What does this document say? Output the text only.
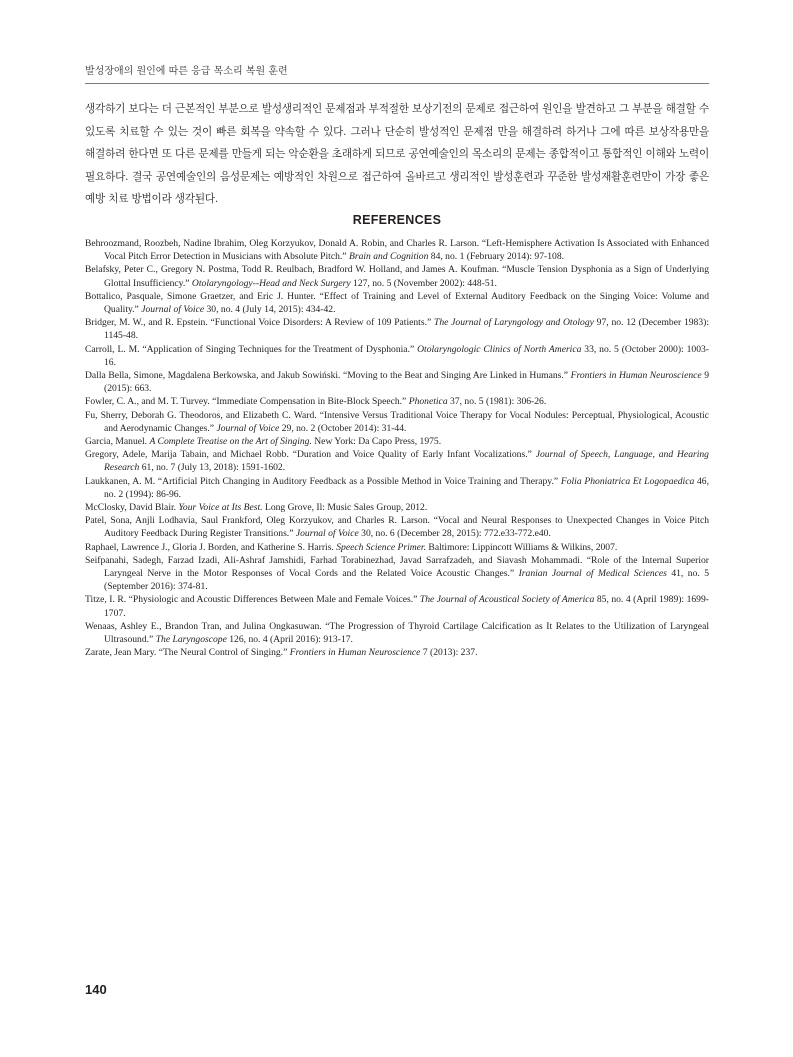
발성장애의 원인에 따른 응급 목소리 복원 훈련

생각하기 보다는 더 근본적인 부분으로 발성생리적인 문제점과 부적절한 보상기전의 문제로 접근하여 원인을 발견하고 그 부분을 해결할 수 있도록 치료할 수 있는 것이 빠른 회복을 약속할 수 있다. 그러나 단순히 발성적인 문제점 만을 해결하려 하거나 그에 따른 보상작용만을 해결하려 한다면 또 다른 문제를 만들게 되는 악순환을 초래하게 되므로 공연예술인의 목소리의 문제는 종합적이고 통합적인 이해와 노력이 필요하다. 결국 공연예술인의 음성문제는 예방적인 차원으로 접근하여 올바르고 생리적인 발성훈련과 꾸준한 발성재활훈련만이 가장 좋은 예방 치료 방법이라 생각된다.

REFERENCES

Behroozmand, Roozbeh, Nadine Ibrahim, Oleg Korzyukov, Donald A. Robin, and Charles R. Larson. “Left-Hemisphere Activation Is Associated with Enhanced Vocal Pitch Error Detection in Musicians with Absolute Pitch.” Brain and Cognition 84, no. 1 (February 2014): 97-108.

Belafsky, Peter C., Gregory N. Postma, Todd R. Reulbach, Bradford W. Holland, and James A. Koufman. “Muscle Tension Dysphonia as a Sign of Underlying Glottal Insufficiency.” Otolaryngology--Head and Neck Surgery 127, no. 5 (November 2002): 448-51.

Bottalico, Pasquale, Simone Graetzer, and Eric J. Hunter. “Effect of Training and Level of External Auditory Feedback on the Singing Voice: Volume and Quality.” Journal of Voice 30, no. 4 (July 14, 2015): 434-42.

Bridger, M. W., and R. Epstein. “Functional Voice Disorders: A Review of 109 Patients.” The Journal of Laryngology and Otology 97, no. 12 (December 1983): 1145-48.

Carroll, L. M. “Application of Singing Techniques for the Treatment of Dysphonia.” Otolaryngologic Clinics of North America 33, no. 5 (October 2000): 1003-16.

Dalla Bella, Simone, Magdalena Berkowska, and Jakub Sowiński. “Moving to the Beat and Singing Are Linked in Humans.” Frontiers in Human Neuroscience 9 (2015): 663.

Fowler, C. A., and M. T. Turvey. “Immediate Compensation in Bite-Block Speech.” Phonetica 37, no. 5 (1981): 306-26.

Fu, Sherry, Deborah G. Theodoros, and Elizabeth C. Ward. “Intensive Versus Traditional Voice Therapy for Vocal Nodules: Perceptual, Physiological, Acoustic and Aerodynamic Changes.” Journal of Voice 29, no. 2 (October 2014): 31-44.

Garcia, Manuel. A Complete Treatise on the Art of Singing. New York: Da Capo Press, 1975.

Gregory, Adele, Marija Tabain, and Michael Robb. “Duration and Voice Quality of Early Infant Vocalizations.” Journal of Speech, Language, and Hearing Research 61, no. 7 (July 13, 2018): 1591-1602.

Laukkanen, A. M. “Artificial Pitch Changing in Auditory Feedback as a Possible Method in Voice Training and Therapy.” Folia Phoniatrica Et Logopaedica 46, no. 2 (1994): 86-96.

McClosky, David Blair. Your Voice at Its Best. Long Grove, Il: Music Sales Group, 2012.

Patel, Sona, Anjli Lodhavia, Saul Frankford, Oleg Korzyukov, and Charles R. Larson. “Vocal and Neural Responses to Unexpected Changes in Voice Pitch Auditory Feedback During Register Transitions.” Journal of Voice 30, no. 6 (December 28, 2015): 772.e33-772.e40.

Raphael, Lawrence J., Gloria J. Borden, and Katherine S. Harris. Speech Science Primer. Baltimore: Lippincott Williams & Wilkins, 2007.

Seifpanahi, Sadegh, Farzad Izadi, Ali-Ashraf Jamshidi, Farhad Torabinezhad, Javad Sarrafzadeh, and Siavash Mohammadi. “Role of the Internal Superior Laryngeal Nerve in the Motor Responses of Vocal Cords and the Related Voice Acoustic Changes.” Iranian Journal of Medical Sciences 41, no. 5 (September 2016): 374-81.

Titze, I. R. “Physiologic and Acoustic Differences Between Male and Female Voices.” The Journal of Acoustical Society of America 85, no. 4 (April 1989): 1699-1707.

Wenaas, Ashley E., Brandon Tran, and Julina Ongkasuwan. “The Progression of Thyroid Cartilage Calcification as It Relates to the Utilization of Laryngeal Ultrasound.” The Laryngoscope 126, no. 4 (April 2016): 913-17.

Zarate, Jean Mary. “The Neural Control of Singing.” Frontiers in Human Neuroscience 7 (2013): 237.

140
